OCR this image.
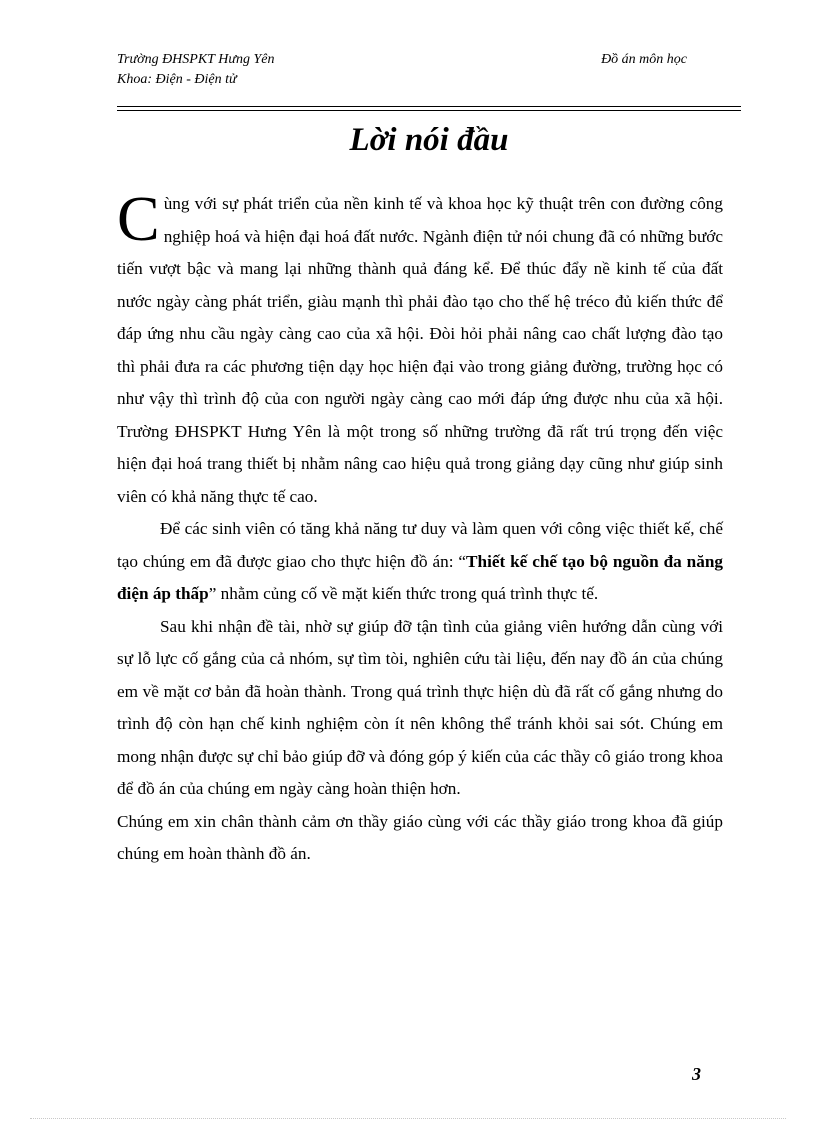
Trường ĐHSPKT Hưng Yên	Đồ án môn học
Khoa: Điện - Điện tử
Lời nói đầu

Cùng với sự phát triển của nền kinh tế và khoa học kỹ thuật trên con đường công nghiệp hoá và hiện đại hoá đất nước. Ngành điện tử nói chung đã có những bước tiến vượt bậc và mang lại những thành quả đáng kể. Để thúc đẩy nề kinh tế của đất nước ngày càng phát triển, giàu mạnh thì phải đào tạo cho thế hệ tréco đủ kiến thức để đáp ứng nhu cầu ngày càng cao của xã hội. Đòi hỏi phải nâng cao chất lượng đào tạo thì phải đưa ra các phương tiện dạy học hiện đại vào trong giảng đường, trường học có như vậy thì trình độ của con người ngày càng cao mới đáp ứng được nhu của xã hội. Trường ĐHSPKT Hưng Yên là một trong số những trường đã rất trú trọng đến việc hiện đại hoá trang thiết bị nhằm nâng cao hiệu quả trong giảng dạy cũng như giúp sinh viên có khả năng thực tế cao.

Để các sinh viên có tăng khả năng tư duy và làm quen với công việc thiết kế, chế tạo chúng em đã được giao cho thực hiện đồ án: “Thiết kế chế tạo bộ nguồn đa năng điện áp thấp” nhằm củng cố về mặt kiến thức trong quá trình thực tế.

Sau khi nhận đề tài, nhờ sự giúp đỡ tận tình của giảng viên hướng dẫn cùng với sự lỗ lực cố gắng của cả nhóm, sự tìm tòi, nghiên cứu tài liệu, đến nay đồ án của chúng em về mặt cơ bản đã hoàn thành. Trong quá trình thực hiện dù đã rất cố gắng nhưng do trình độ còn hạn chế kinh nghiệm còn ít nên không thể tránh khỏi sai sót. Chúng em mong nhận được sự chỉ bảo giúp đỡ và đóng góp ý kiến của các thầy cô giáo trong khoa để đồ án của chúng em ngày càng hoàn thiện hơn.

Chúng em xin chân thành cảm ơn thầy giáo cùng với các thầy giáo trong khoa đã giúp chúng em hoàn thành đồ án.

3
